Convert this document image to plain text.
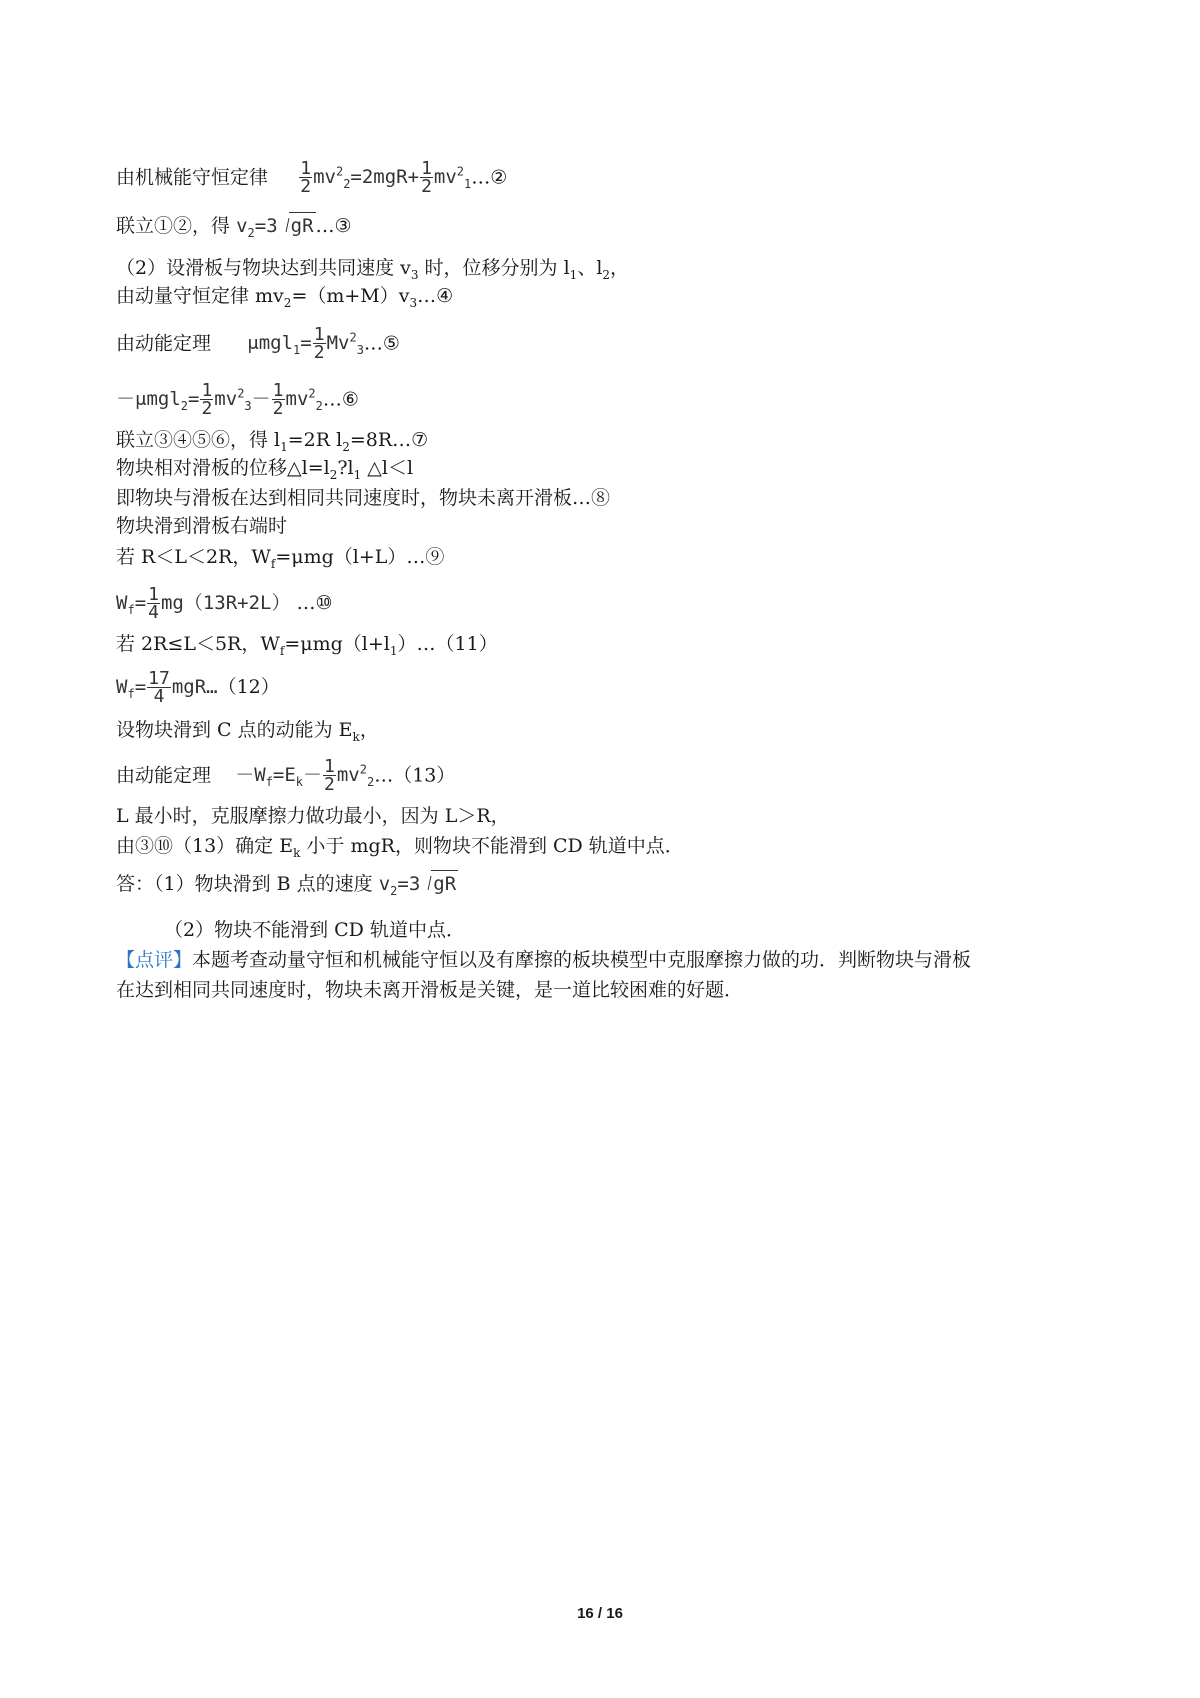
由机械能守恒定律 $\frac{1}{2} mv^2_2=2mgR+ \frac{1}{2}$ $mv^2_1\dots ②$
联立①②，得 $v_2=3$ gR …③
（2）设滑板与物块达到共同速度 $v_3$ 时，位移分别为 $l_1$、$l_2$，
由动量守恒定律 $mv_2=(m+M)v_3\dots ④$
由动能定理 $\mu mgl_1= \frac{1}{2}$ $Mv^2_3\dots ⑤$
$-\mu mgl_2= \frac{1}{2} mv^2_3- \frac{1}{2}$ $mv^2_2\dots ⑥$
联立③④⑤⑥，得 $l_1=2R$ $l_2=8R\dots ⑦$
物块相对滑板的位移$\triangle l=l_2?l_1$ △l＜l
即物块与滑板在达到相同共同速度时，物块未离开滑板…⑧
物块滑到滑板右端时
若 R＜L＜2R，$W_f=\mu mg(l+L)\dots ⑨$
$W_f= \frac{1}{4} mg(13R+2L)$ …⑩
若 2R≤L＜5R，$W_f=\mu mg(l+l_1)\dots(11)$
$W_f= \frac{17}{4}$ mgR…（12）
设物块滑到 C 点的动能为 $E_k$，
由动能定理 $-W_f=E_k- \frac{1}{2}$ $mv^2_2\dots(13)$
L 最小时，克服摩擦力做功最小，因为 L＞R，
由③⑩（13）确定 $E_k$ 小于 mgR，则物块不能滑到 CD 轨道中点．
答：（1）物块滑到 B 点的速度 $v_2=3$ gR
（2）物块不能滑到 CD 轨道中点．
【点评】本题考查动量守恒和机械能守恒以及有摩擦的板块模型中克服摩擦力做的功．判断物块与滑板
在达到相同共同速度时，物块未离开滑板是关键，是一道比较困难的好题．
16 / 16
